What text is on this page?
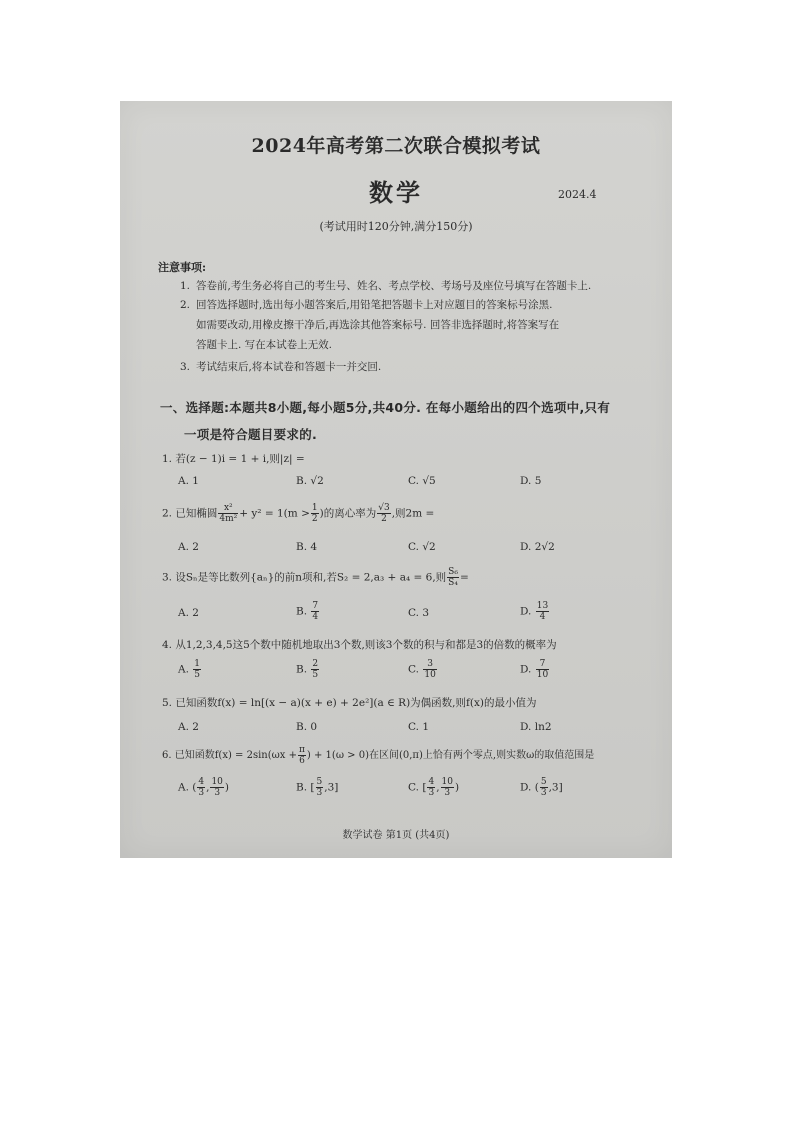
2024年高考第二次联合模拟考试
数学	2024.4
(考试用时120分钟,满分150分)
注意事项:
1. 答卷前,考生务必将自己的考生号、姓名、考点学校、考场号及座位号填写在答题卡上.
2. 回答选择题时,选出每小题答案后,用铅笔把答题卡上对应题目的答案标号涂黑.
如需要改动,用橡皮擦干净后,再选涂其他答案标号. 回答非选择题时,将答案写在
答题卡上. 写在本试卷上无效.
3. 考试结束后,将本试卷和答题卡一并交回.
一、选择题:本题共8小题,每小题5分,共40分. 在每小题给出的四个选项中,只有
一项是符合题目要求的.
1. 若(z − 1)i = 1 + i,则|z| =
A. 1	B. √2	C. √5	D. 5
2. 已知椭圆 $\frac{\text{x²}}{\text{4m²}} + y^2 = 1(m > \frac{1}{2}$ )的离心率为 $\frac{√3}{2}$ ,则2m =
A. 2	B. 4	C. √2	D. 2√2
3. 设Sₙ是等比数列{aₙ}的前n项和,若S₂ = 2,a₃ + a₄ = 6,则 $\frac{\text{S₆}}{\text{S₄}}$ =
A. 2	B. $\frac{7}{4}$	C. 3	D. $\frac{13}{4}$
4. 从1,2,3,4,5这5个数中随机地取出3个数,则该3个数的积与和都是3的倍数的概率为
A. $\frac{1}{5}$	B. $\frac{2}{5}$	C. $\frac{3}{10}$	D. $\frac{7}{10}$
5. 已知函数f(x) = ln[(x − a)(x + e) + 2e²](a ∈ R)为偶函数,则f(x)的最小值为
A. 2	B. 0	C. 1	D. ln2
6. 已知函数$f(x) = 2\sin(\omega x + \frac{\pi}{6}$ ) + 1(ω > 0)在区间(0,π)上恰有两个零点,则实数ω的取值范围是
A. ( $\frac{4}{3}$ , $\frac{10}{3}$ )	B. [ $\frac{5}{3} ,3$]	C. [ $\frac{4}{3}$ , $\frac{10}{3}$ )	D. ( $\frac{5}{3} ,3$]
数学试卷 第1页 (共4页)
